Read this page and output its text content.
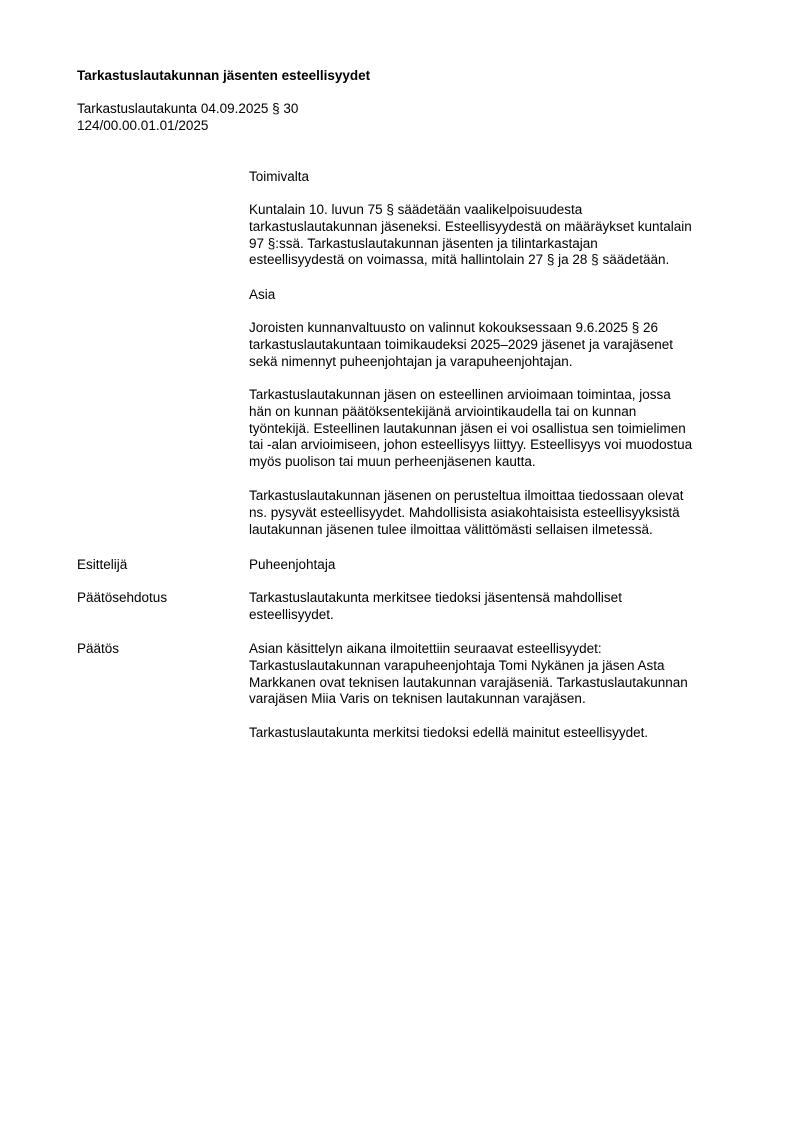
Tarkastuslautakunnan jäsenten esteellisyydet
Tarkastuslautakunta 04.09.2025 § 30
124/00.00.01.01/2025

Toimivalta

Kuntalain 10. luvun 75 § säädetään vaalikelpoisuudesta

tarkastuslautakunnan jäseneksi. Esteellisyydestä on määräykset kuntalain

97 §:ssä. Tarkastuslautakunnan jäsenten ja tilintarkastajan

esteellisyydestä on voimassa, mitä hallintolain 27 § ja 28 § säädetään.

Asia

Joroisten kunnanvaltuusto on valinnut kokouksessaan 9.6.2025 § 26

tarkastuslautakuntaan toimikaudeksi 2025–2029 jäsenet ja varajäsenet

sekä nimennyt puheenjohtajan ja varapuheenjohtajan.

Tarkastuslautakunnan jäsen on esteellinen arvioimaan toimintaa, jossa

hän on kunnan päätöksentekijänä arviointikaudella tai on kunnan

työntekijä. Esteellinen lautakunnan jäsen ei voi osallistua sen toimielimen

tai -alan arvioimiseen, johon esteellisyys liittyy. Esteellisyys voi muodostua

myös puolison tai muun perheenjäsenen kautta.

Tarkastuslautakunnan jäsenen on perusteltua ilmoittaa tiedossaan olevat

ns. pysyvät esteellisyydet. Mahdollisista asiakohtaisista esteellisyyksistä

lautakunnan jäsenen tulee ilmoittaa välittömästi sellaisen ilmetessä.

Esittelijä	Puheenjohtaja

Päätösehdotus	Tarkastuslautakunta merkitsee tiedoksi jäsentensä mahdolliset

esteellisyydet.

Päätös	Asian käsittelyn aikana ilmoitettiin seuraavat esteellisyydet:

Tarkastuslautakunnan varapuheenjohtaja Tomi Nykänen ja jäsen Asta

Markkanen ovat teknisen lautakunnan varajäseniä. Tarkastuslautakunnan

varajäsen Miia Varis on teknisen lautakunnan varajäsen.

Tarkastuslautakunta merkitsi tiedoksi edellä mainitut esteellisyydet.
